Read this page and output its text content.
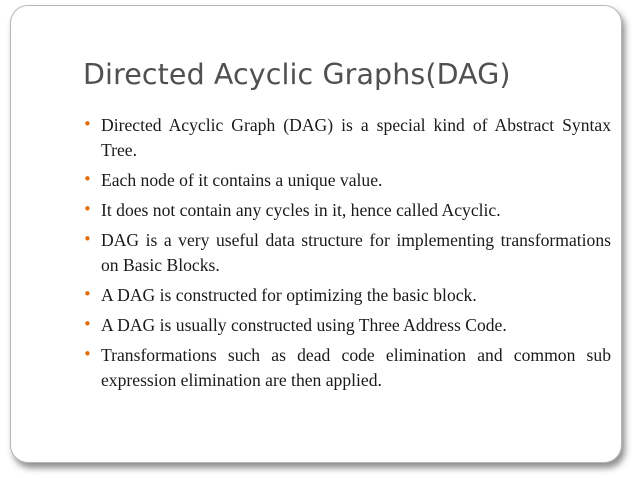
Directed Acyclic Graphs(DAG)
• Directed Acyclic Graph (DAG) is a special kind of Abstract Syntax Tree.
• Each node of it contains a unique value.
• It does not contain any cycles in it, hence called Acyclic.
• DAG is a very useful data structure for implementing transformations on Basic Blocks.
• A DAG is constructed for optimizing the basic block.
• A DAG is usually constructed using Three Address Code.
• Transformations such as dead code elimination and common sub expression elimination are then applied.
